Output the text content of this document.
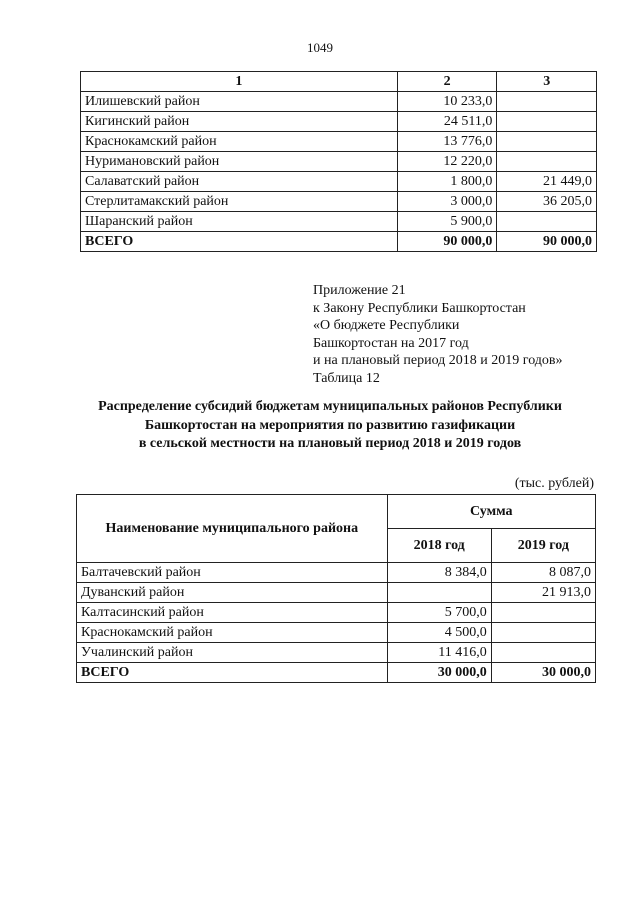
1049
1	2	3
Илишевский район	10 233,0	
Кигинский район	24 511,0	
Краснокамский район	13 776,0	
Нуримановский район	12 220,0	
Салаватский район	1 800,0	21 449,0
Стерлитамакский район	3 000,0	36 205,0
Шаранский район	5 900,0	
ВСЕГО	90 000,0	90 000,0
Приложение 21
к Закону Республики Башкортостан
«О бюджете Республики
Башкортостан на 2017 год
и на плановый период 2018 и 2019 годов»
Таблица 12
Распределение субсидий бюджетам муниципальных районов Республики
Башкортостан на мероприятия по развитию газификации
в сельской местности на плановый период 2018 и 2019 годов
(тыс. рублей)
Наименование муниципального района	Сумма	
	2018 год	2019 год
Балтачевский район	8 384,0	8 087,0
Дуванский район		21 913,0
Калтасинский район	5 700,0	
Краснокамский район	4 500,0	
Учалинский район	11 416,0	
ВСЕГО	30 000,0	30 000,0
